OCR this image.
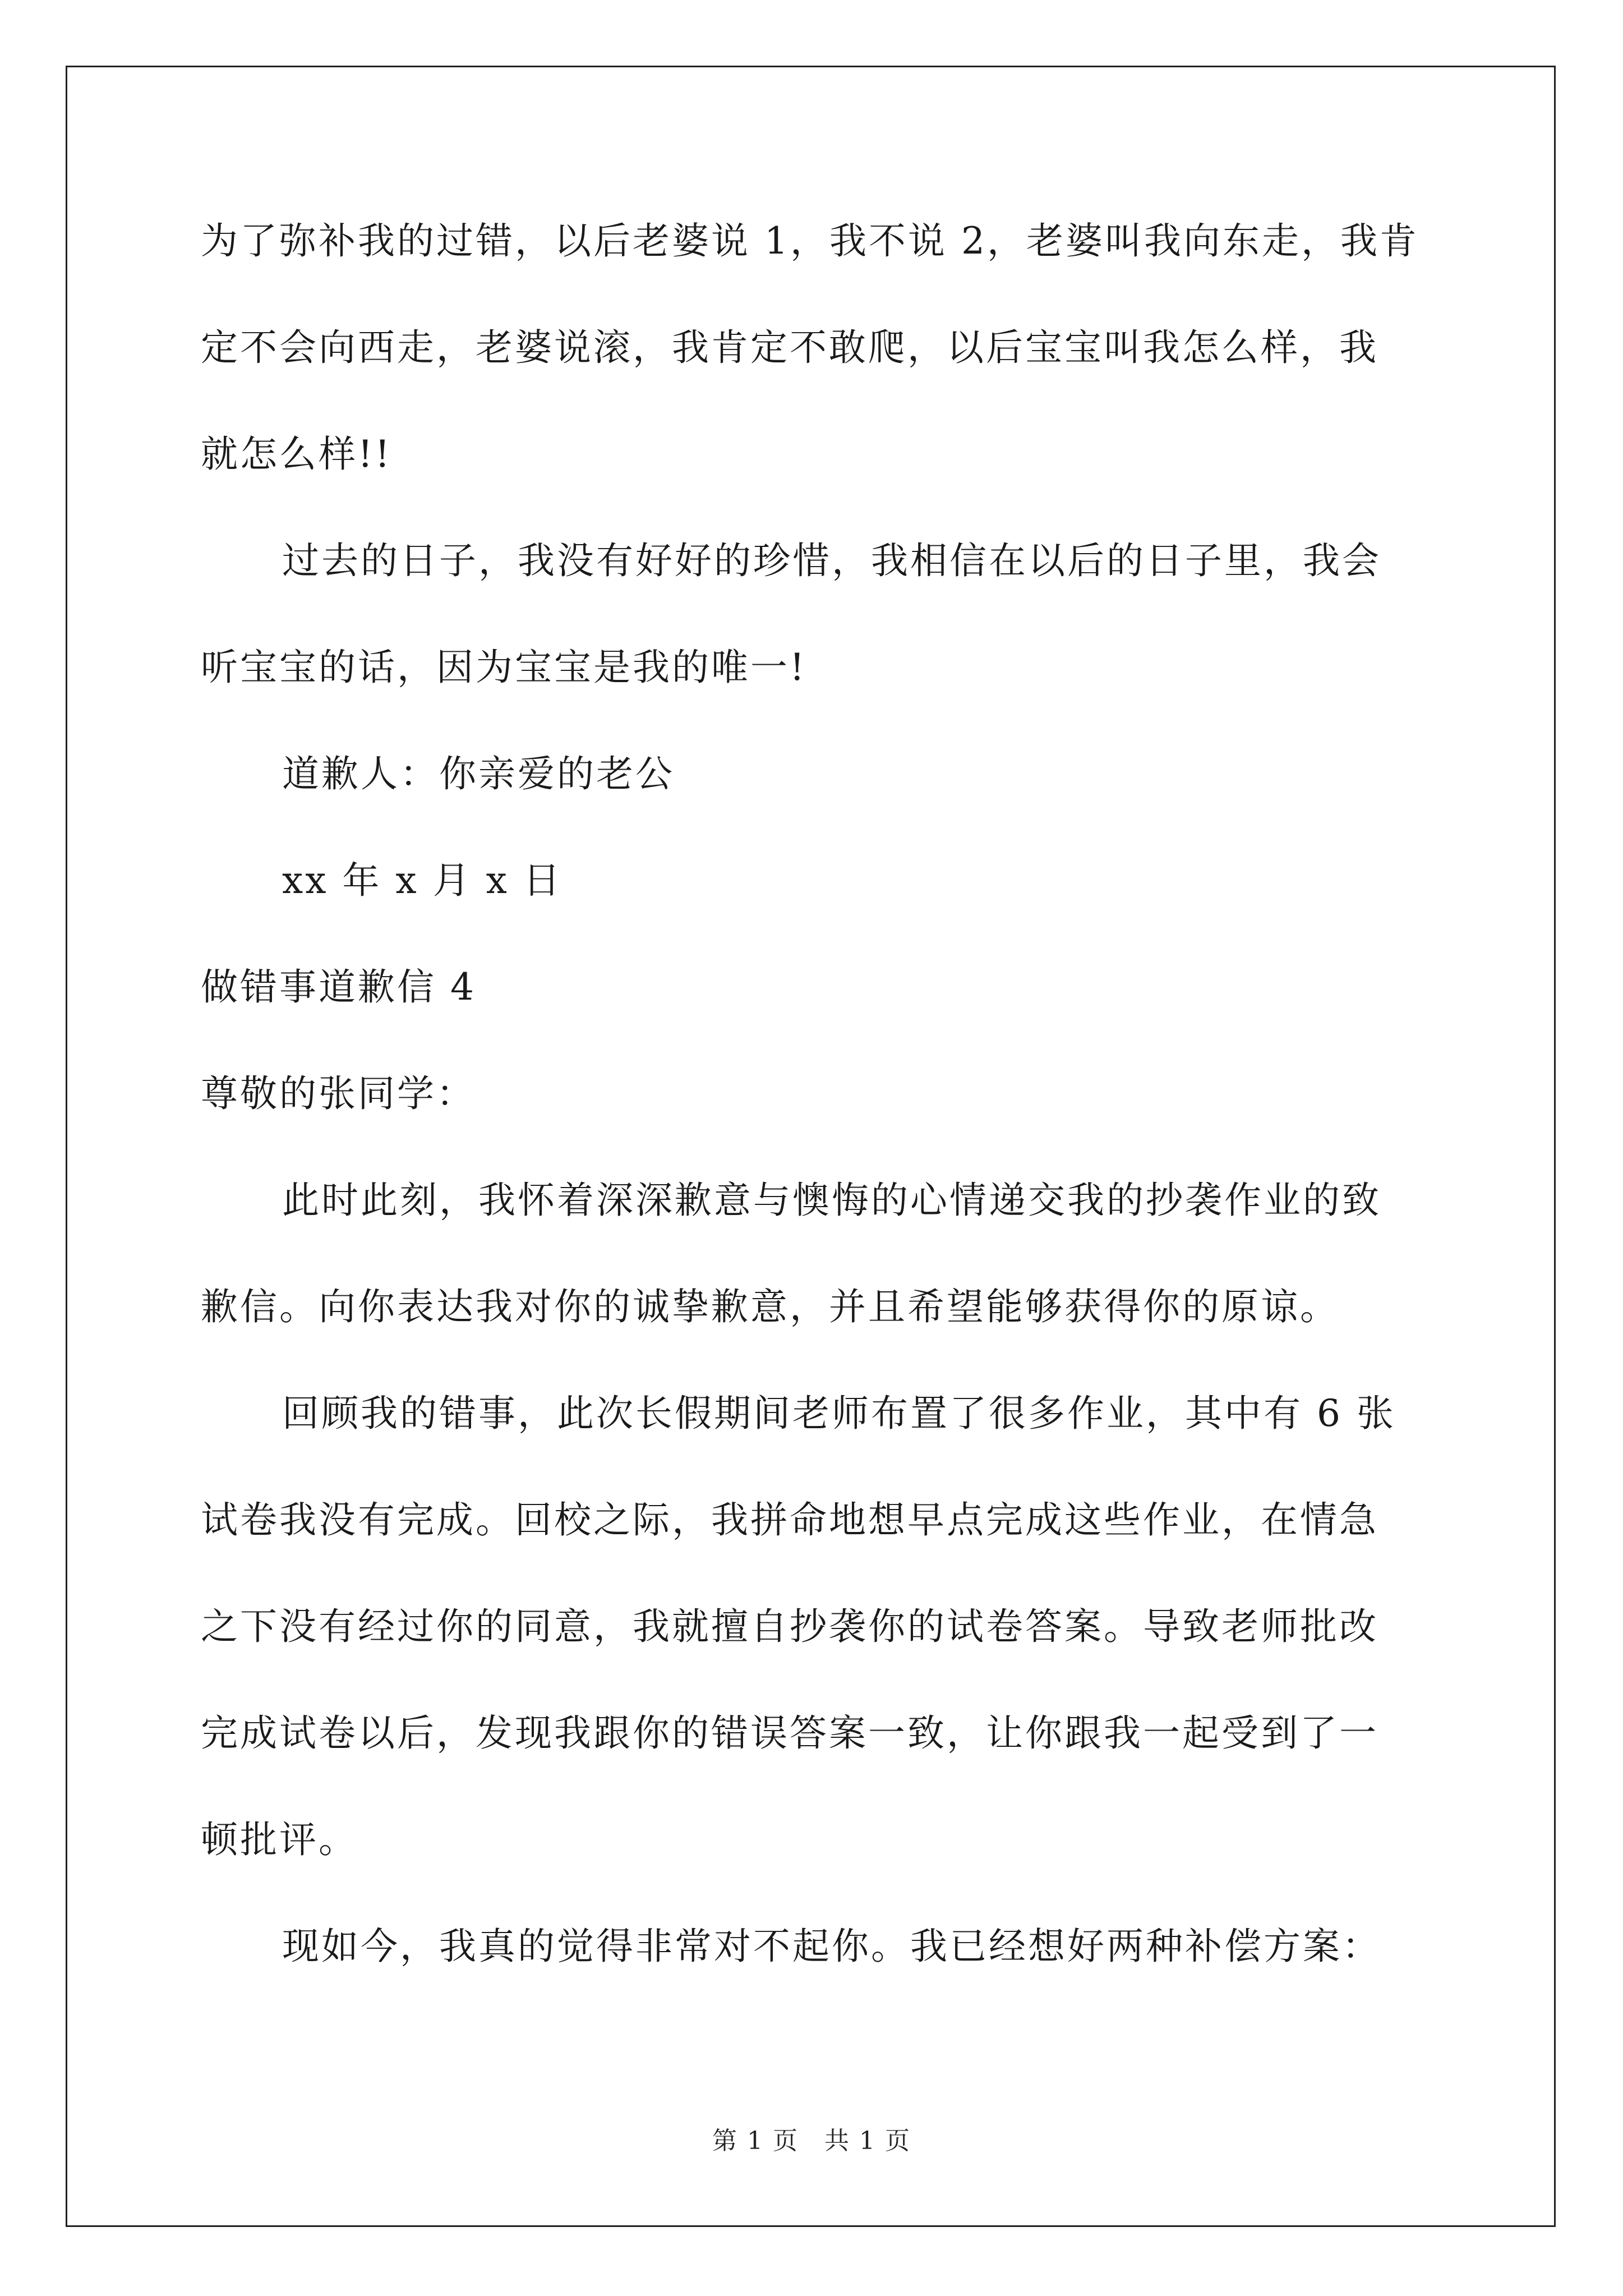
为了弥补我的过错，以后老婆说 1，我不说 2，老婆叫我向东走，我肯
定不会向西走，老婆说滚，我肯定不敢爬，以后宝宝叫我怎么样，我
就怎么样!!
过去的日子，我没有好好的珍惜，我相信在以后的日子里，我会
听宝宝的话，因为宝宝是我的唯一!
道歉人：你亲爱的老公
xx 年 x 月 x 日
做错事道歉信 4
尊敬的张同学：
此时此刻，我怀着深深歉意与懊悔的心情递交我的抄袭作业的致
歉信。向你表达我对你的诚挚歉意，并且希望能够获得你的原谅。
回顾我的错事，此次长假期间老师布置了很多作业，其中有 6 张
试卷我没有完成。回校之际，我拼命地想早点完成这些作业，在情急
之下没有经过你的同意，我就擅自抄袭你的试卷答案。导致老师批改
完成试卷以后，发现我跟你的错误答案一致，让你跟我一起受到了一
顿批评。
现如今，我真的觉得非常对不起你。我已经想好两种补偿方案：
第 1 页　共 1 页
